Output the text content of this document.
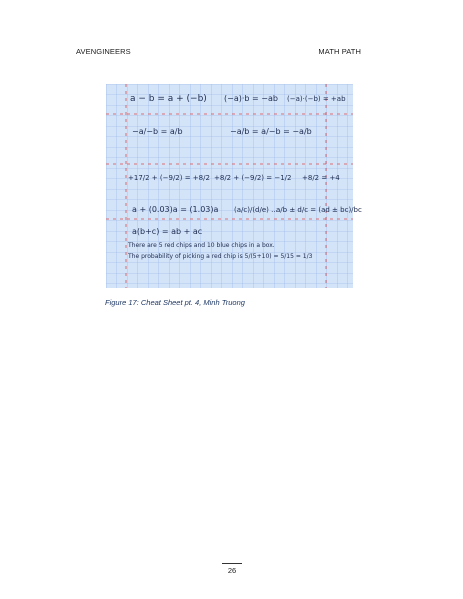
AVENGINEERS	MATH PATH
a − b = a + (−b) (−a)·b = −ab (−a)·(−b) = +ab
−a/−b = a/b	−a/b = a/−b = −a/b
+17/2 + (−9/2) = +8/2 +8/2 + (−9/2) = −1/2 +8/2 = +4
a + (0.03)a = (1.03)a (a/c)/(d/e) ...
a/b ± d/c = (ad ± bc)/bc
a(b+c) = ab + ac
There are 5 red chips and 10 blue chips in a box.
The probability of picking a red chip is 5/(5+10) = 5/15 = 1/3
Figure 17: Cheat Sheet pt. 4, Minh Truong
26
